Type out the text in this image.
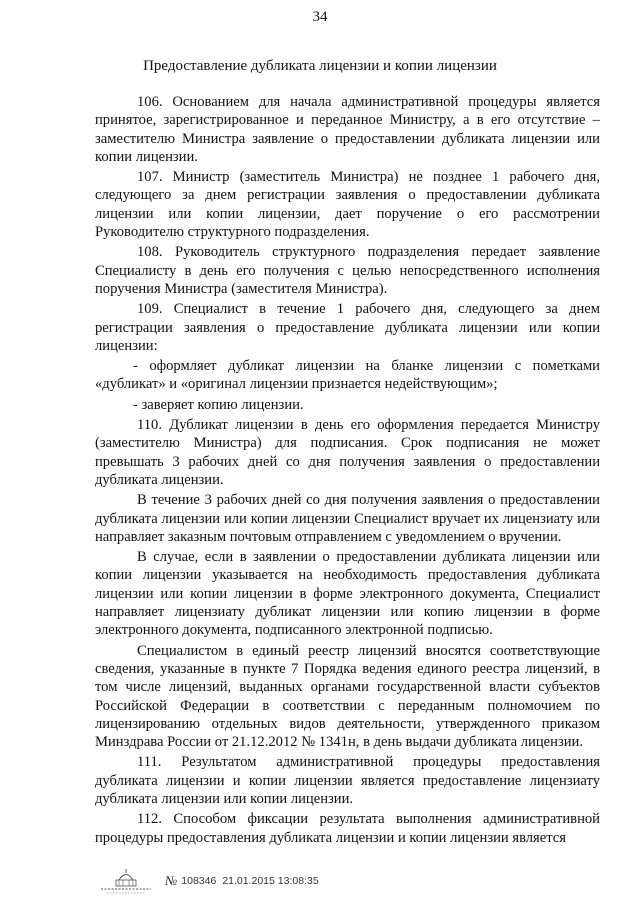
34
Предоставление дубликата лицензии и копии лицензии

106. Основанием для начала административной процедуры является принятое, зарегистрированное и переданное Министру, а в его отсутствие – заместителю Министра заявление о предоставлении дубликата лицензии или копии лицензии.

107. Министр (заместитель Министра) не позднее 1 рабочего дня, следующего за днем регистрации заявления о предоставлении дубликата лицензии или копии лицензии, дает поручение о его рассмотрении Руководителю структурного подразделения.

108. Руководитель структурного подразделения передает заявление Специалисту в день его получения с целью непосредственного исполнения поручения Министра (заместителя Министра).

109. Специалист в течение 1 рабочего дня, следующего за днем регистрации заявления о предоставление дубликата лицензии или копии лицензии:

- оформляет дубликат лицензии на бланке лицензии с пометками «дубликат» и «оригинал лицензии признается недействующим»;

- заверяет копию лицензии.

110. Дубликат лицензии в день его оформления передается Министру (заместителю Министра) для подписания. Срок подписания не может превышать 3 рабочих дней со дня получения заявления о предоставлении дубликата лицензии.

В течение 3 рабочих дней со дня получения заявления о предоставлении дубликата лицензии или копии лицензии Специалист вручает их лицензиату или направляет заказным почтовым отправлением с уведомлением о вручении.

В случае, если в заявлении о предоставлении дубликата лицензии или копии лицензии указывается на необходимость предоставления дубликата лицензии или копии лицензии в форме электронного документа, Специалист направляет лицензиату дубликат лицензии или копию лицензии в форме электронного документа, подписанного электронной подписью.

Специалистом в единый реестр лицензий вносятся соответствующие сведения, указанные в пункте 7 Порядка ведения единого реестра лицензий, в том числе лицензий, выданных органами государственной власти субъектов Российской Федерации в соответствии с переданным полномочием по лицензированию отдельных видов деятельности, утвержденного приказом Минздрава России от 21.12.2012 № 1341н, в день выдачи дубликата лицензии.

111. Результатом административной процедуры предоставления дубликата лицензии и копии лицензии является предоставление лицензиату дубликата лицензии или копии лицензии.

112. Способом фиксации результата выполнения административной процедуры предоставления дубликата лицензии и копии лицензии является

№ 108346 21.01.2015 13:08:35
